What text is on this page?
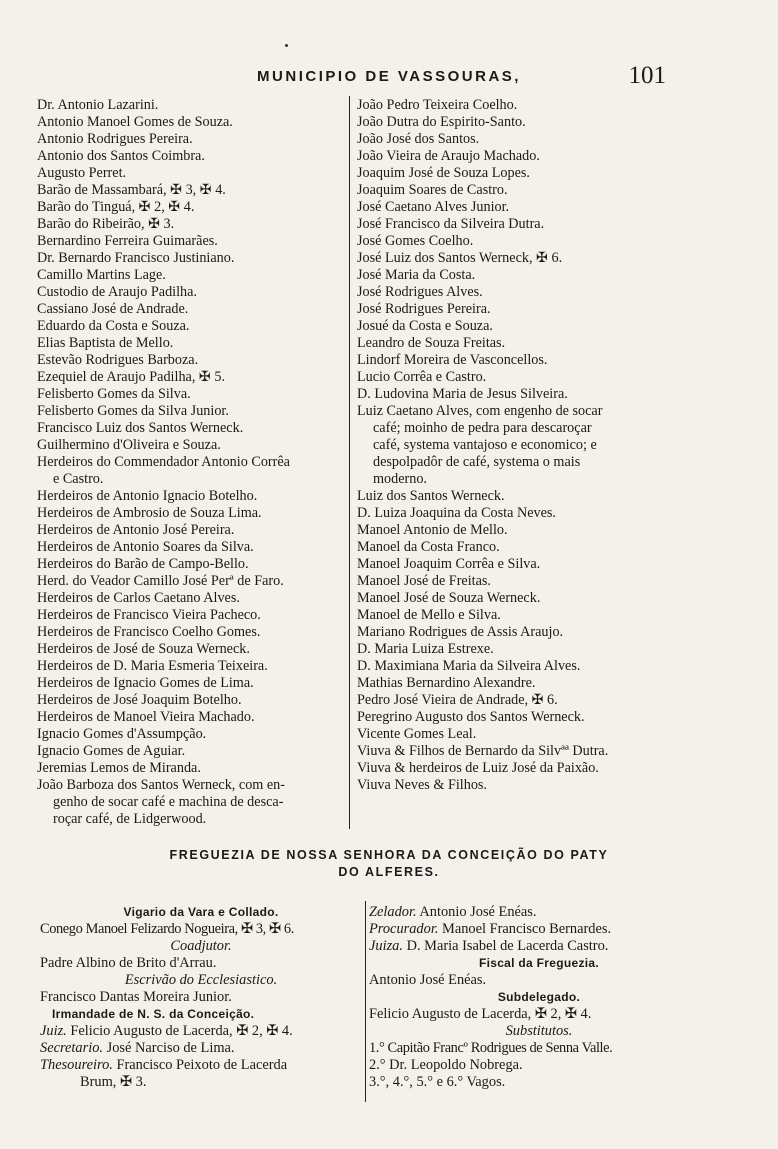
MUNICIPIO DE VASSOURAS,	101
Dr. Antonio Lazarini.
Antonio Manoel Gomes de Souza.
Antonio Rodrigues Pereira.
Antonio dos Santos Coimbra.
Augusto Perret.
Barão de Massambará, ✠ 3, ✠ 4.
Barão do Tinguá, ✠ 2, ✠ 4.
Barão do Ribeirão, ✠ 3.
Bernardino Ferreira Guimarães.
Dr. Bernardo Francisco Justiniano.
Camillo Martins Lage.
Custodio de Araujo Padilha.
Cassiano José de Andrade.
Eduardo da Costa e Souza.
Elias Baptista de Mello.
Estevão Rodrigues Barboza.
Ezequiel de Araujo Padilha, ✠ 5.
Felisberto Gomes da Silva.
Felisberto Gomes da Silva Junior.
Francisco Luiz dos Santos Werneck.
Guilhermino d'Oliveira e Souza.
Herdeiros do Commendador Antonio Corrêa
e Castro.
Herdeiros de Antonio Ignacio Botelho.
Herdeiros de Ambrosio de Souza Lima.
Herdeiros de Antonio José Pereira.
Herdeiros de Antonio Soares da Silva.
Herdeiros do Barão de Campo-Bello.
Herd. do Veador Camillo José Perª de Faro.
Herdeiros de Carlos Caetano Alves.
Herdeiros de Francisco Vieira Pacheco.
Herdeiros de Francisco Coelho Gomes.
Herdeiros de José de Souza Werneck.
Herdeiros de D. Maria Esmeria Teixeira.
Herdeiros de Ignacio Gomes de Lima.
Herdeiros de José Joaquim Botelho.
Herdeiros de Manoel Vieira Machado.
Ignacio Gomes d'Assumpção.
Ignacio Gomes de Aguiar.
Jeremias Lemos de Miranda.
João Barboza dos Santos Werneck, com en-
genho de socar café e machina de desca-
roçar café, de Lidgerwood.
João Pedro Teixeira Coelho.
João Dutra do Espirito-Santo.
João José dos Santos.
João Vieira de Araujo Machado.
Joaquim José de Souza Lopes.
Joaquim Soares de Castro.
José Caetano Alves Junior.
José Francisco da Silveira Dutra.
José Gomes Coelho.
José Luiz dos Santos Werneck, ✠ 6.
José Maria da Costa.
José Rodrigues Alves.
José Rodrigues Pereira.
Josué da Costa e Souza.
Leandro de Souza Freitas.
Lindorf Moreira de Vasconcellos.
Lucio Corrêa e Castro.
D. Ludovina Maria de Jesus Silveira.
Luiz Caetano Alves, com engenho de socar
café; moinho de pedra para descaroçar
café, systema vantajoso e economico; e
despolpadôr de café, systema o mais
moderno.
Luiz dos Santos Werneck.
D. Luiza Joaquina da Costa Neves.
Manoel Antonio de Mello.
Manoel da Costa Franco.
Manoel Joaquim Corrêa e Silva.
Manoel José de Freitas.
Manoel José de Souza Werneck.
Manoel de Mello e Silva.
Mariano Rodrigues de Assis Araujo.
D. Maria Luiza Estrexe.
D. Maximiana Maria da Silveira Alves.
Mathias Bernardino Alexandre.
Pedro José Vieira de Andrade, ✠ 6.
Peregrino Augusto dos Santos Werneck.
Vicente Gomes Leal.
Viuva & Filhos de Bernardo da Silvªª Dutra.
Viuva & herdeiros de Luiz José da Paixão.
Viuva Neves & Filhos.
FREGUEZIA DE NOSSA SENHORA DA CONCEIÇÃO DO PATY
DO ALFERES.
Vigario da Vara e Collado.
Conego Manoel Felizardo Nogueira, ✠ 3, ✠ 6.
Coadjutor.
Padre Albino de Brito d'Arrau.
Escrivão do Ecclesiastico.
Francisco Dantas Moreira Junior.
Irmandade de N. S. da Conceição.
Juiz. Felicio Augusto de Lacerda, ✠ 2, ✠ 4.
Secretario. José Narciso de Lima.
Thesoureiro. Francisco Peixoto de Lacerda
Brum, ✠ 3.
Zelador. Antonio José Enéas.
Procurador. Manoel Francisco Bernardes.
Juiza. D. Maria Isabel de Lacerda Castro.
Fiscal da Freguezia.
Antonio José Enéas.
Subdelegado.
Felicio Augusto de Lacerda, ✠ 2, ✠ 4.
Substitutos.
1.° Capitão Francº Rodrigues de Senna Valle.
2.° Dr. Leopoldo Nobrega.
3.°, 4.°, 5.° e 6.° Vagos.
